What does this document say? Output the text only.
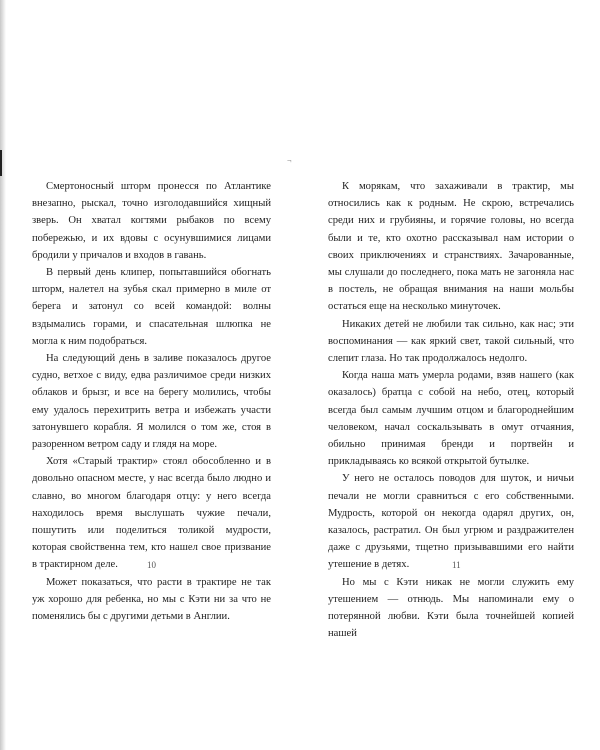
¬

Смертоносный шторм пронесся по Атлантике внезапно, рыскал, точно изголодавшийся хищный зверь. Он хватал когтями рыбаков по всему побережью, и их вдовы с осунувшимися лицами бродили у причалов и входов в гавань.

В первый день клипер, попытавшийся обогнать шторм, налетел на зубья скал примерно в миле от берега и затонул со всей командой: волны вздымались горами, и спасательная шлюпка не могла к ним подобраться.

На следующий день в заливе показалось другое судно, ветхое с виду, едва различимое среди низких облаков и брызг, и все на берегу молились, чтобы ему удалось перехитрить ветра и избежать участи затонувшего корабля. Я молился о том же, стоя в разоренном ветром саду и глядя на море.

Хотя «Старый трактир» стоял обособленно и в довольно опасном месте, у нас всегда было людно и славно, во многом благодаря отцу: у него всегда находилось время выслушать чужие печали, пошутить или поделиться толикой мудрости, которая свойственна тем, кто нашел свое призвание в трактирном деле.

Может показаться, что расти в трактире не так уж хорошо для ребенка, но мы с Кэти ни за что не поменялись бы с другими детьми в Англии.

10

К морякам, что захаживали в трактир, мы относились как к родным. Не скрою, встречались среди них и грубияны, и горячие головы, но всегда были и те, кто охотно рассказывал нам истории о своих приключениях и странствиях. Зачарованные, мы слушали до последнего, пока мать не загоняла нас в постель, не обращая внимания на наши мольбы остаться еще на несколько минуточек.

Никаких детей не любили так сильно, как нас; эти воспоминания — как яркий свет, такой сильный, что слепит глаза. Но так продолжалось недолго.

Когда наша мать умерла родами, взяв нашего (как оказалось) братца с собой на небо, отец, который всегда был самым лучшим отцом и благороднейшим человеком, начал соскальзывать в омут отчаяния, обильно принимая бренди и портвейн и прикладываясь ко всякой открытой бутылке.

У него не осталось поводов для шуток, и ничьи печали не могли сравниться с его собственными. Мудрость, которой он некогда одарял других, он, казалось, растратил. Он был угрюм и раздражителен даже с друзьями, тщетно призывавшими его найти утешение в детях.

Но мы с Кэти никак не могли служить ему утешением — отнюдь. Мы напоминали ему о потерянной любви. Кэти была точнейшей копией нашей

11
